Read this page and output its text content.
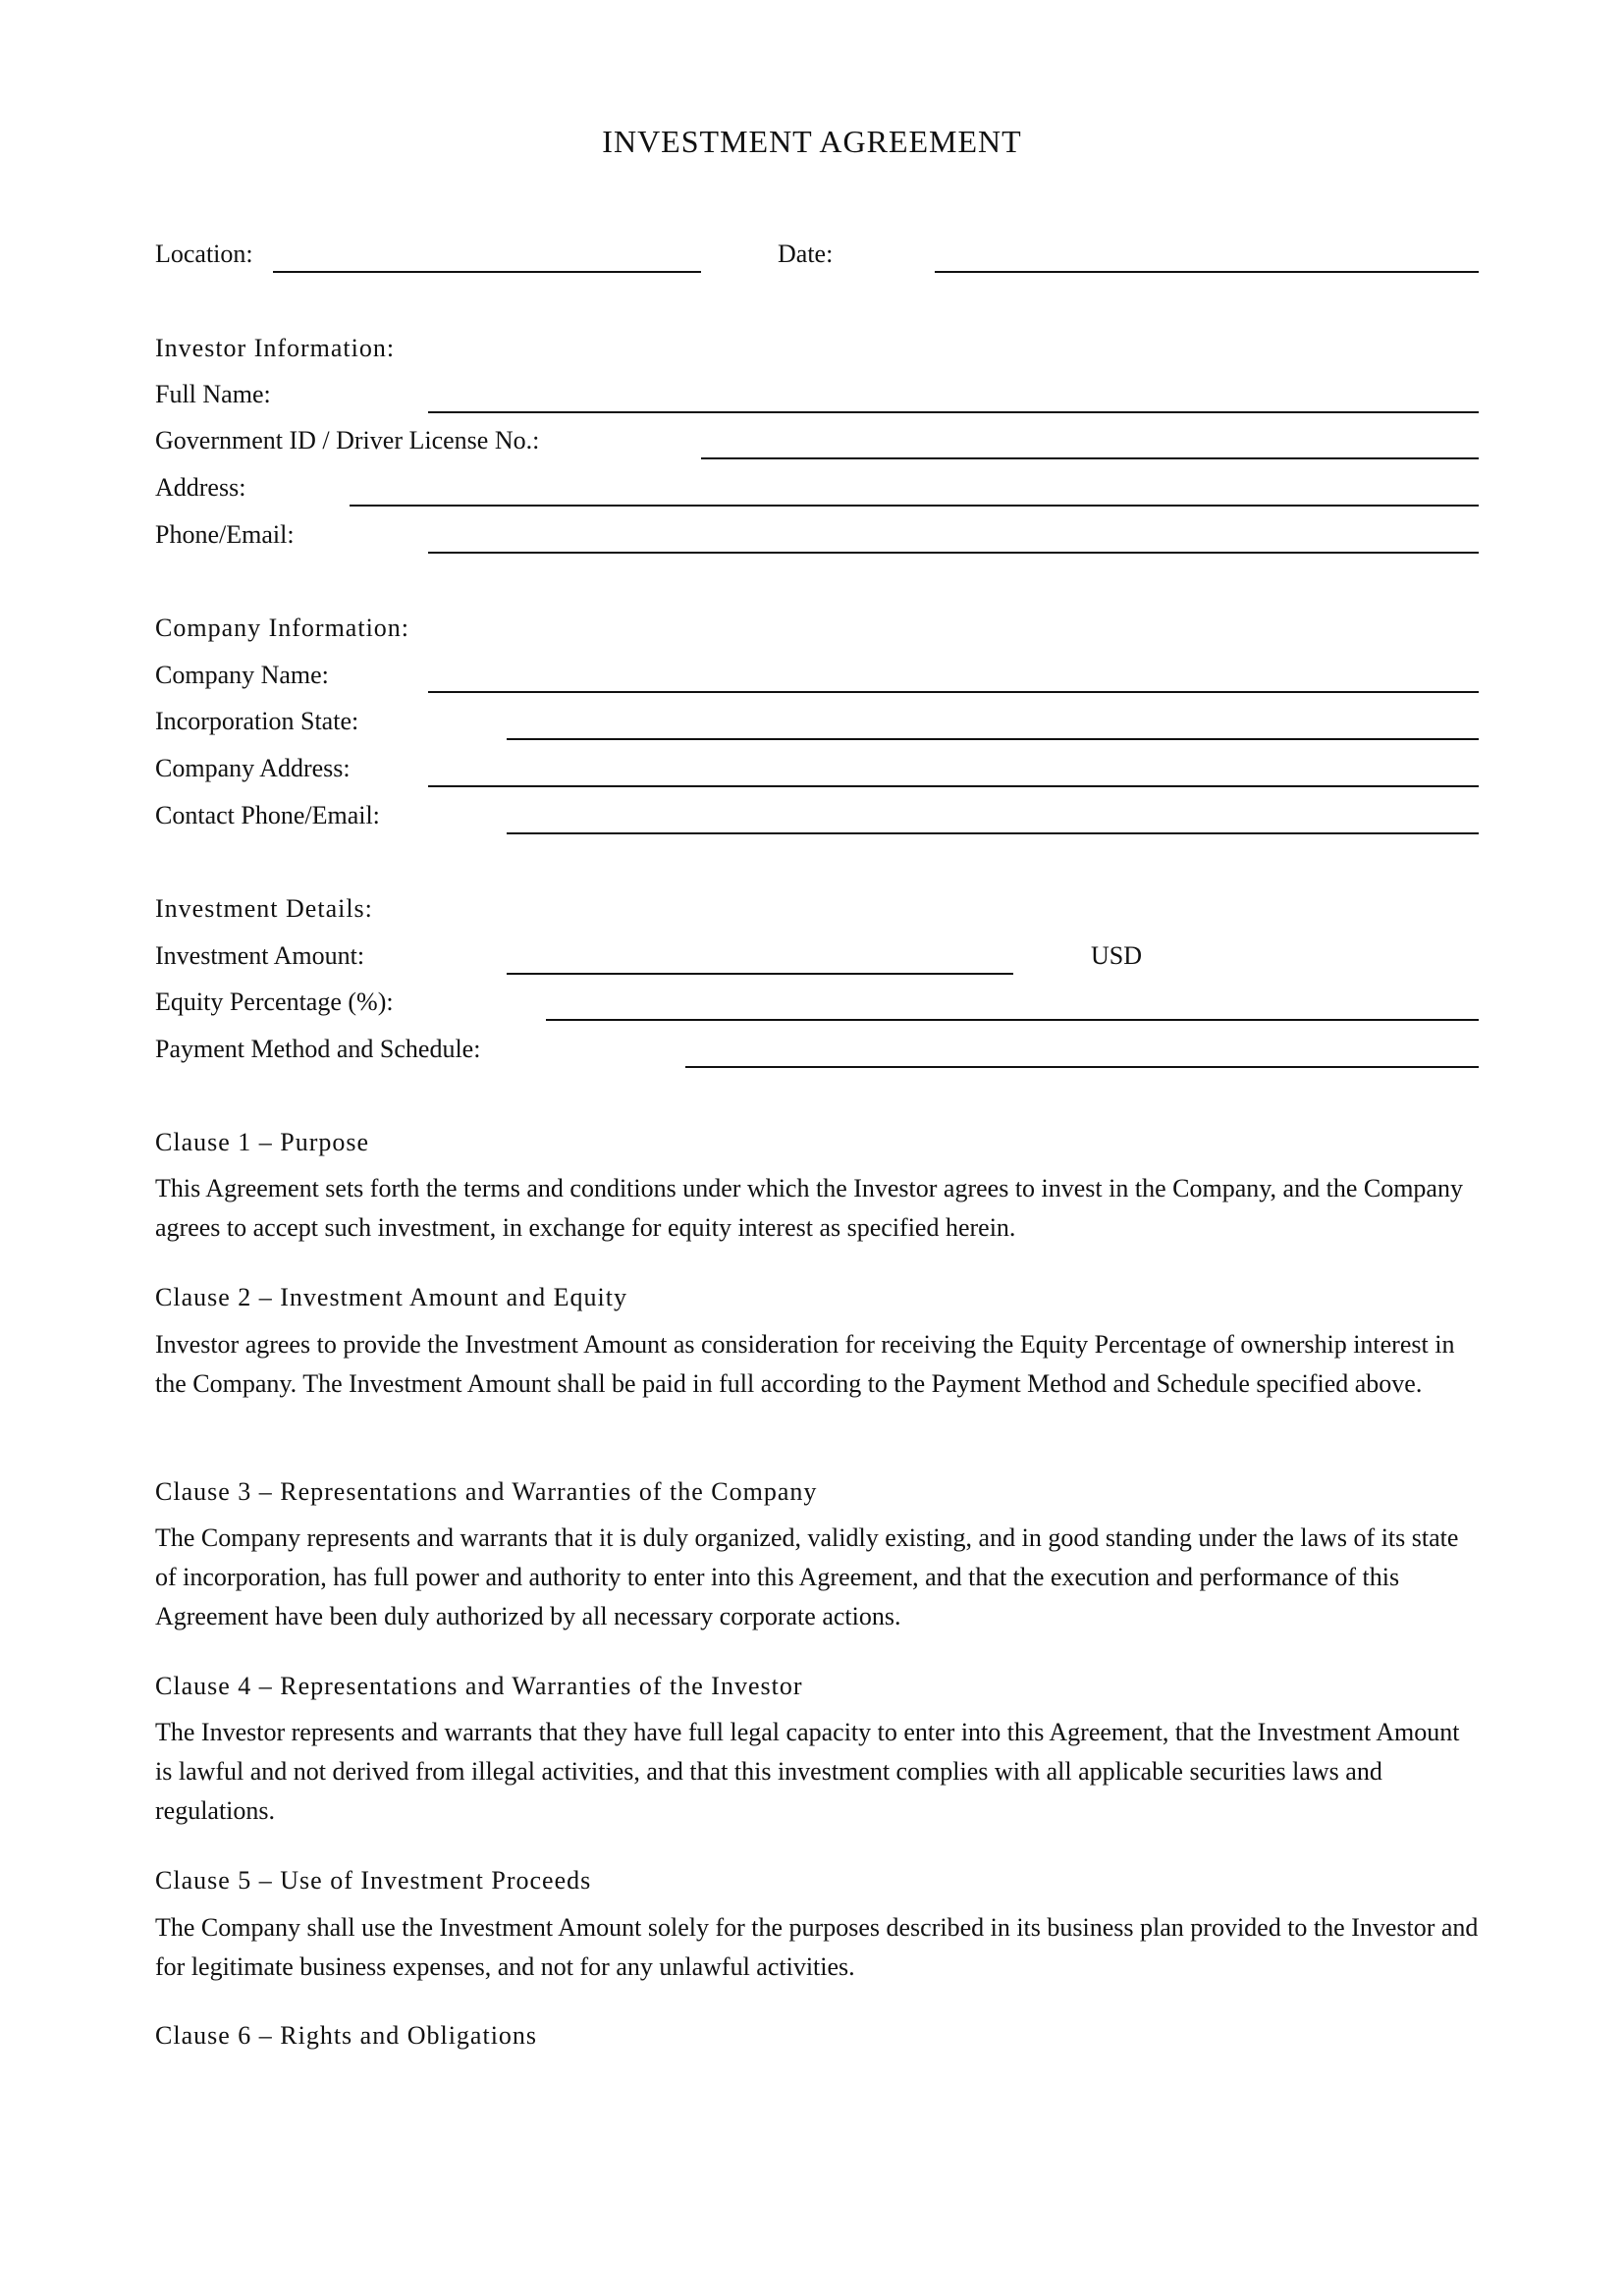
INVESTMENT AGREEMENT
Location:	Date:
Investor Information:
Full Name:
Government ID / Driver License No.:
Address:
Phone/Email:
Company Information:
Company Name:
Incorporation State:
Company Address:
Contact Phone/Email:
Investment Details:
Investment Amount:	USD
Equity Percentage (%):
Payment Method and Schedule:
Clause 1 – Purpose
This Agreement sets forth the terms and conditions under which the Investor agrees to invest in the Company, and the Company agrees to accept such investment, in exchange for equity interest as specified herein.
Clause 2 – Investment Amount and Equity
Investor agrees to provide the Investment Amount as consideration for receiving the Equity Percentage of ownership interest in the Company. The Investment Amount shall be paid in full according to the Payment Method and Schedule specified above.
Clause 3 – Representations and Warranties of the Company
The Company represents and warrants that it is duly organized, validly existing, and in good standing under the laws of its state of incorporation, has full power and authority to enter into this Agreement, and that the execution and performance of this Agreement have been duly authorized by all necessary corporate actions.
Clause 4 – Representations and Warranties of the Investor
The Investor represents and warrants that they have full legal capacity to enter into this Agreement, that the Investment Amount is lawful and not derived from illegal activities, and that this investment complies with all applicable securities laws and regulations.
Clause 5 – Use of Investment Proceeds
The Company shall use the Investment Amount solely for the purposes described in its business plan provided to the Investor and for legitimate business expenses, and not for any unlawful activities.
Clause 6 – Rights and Obligations
